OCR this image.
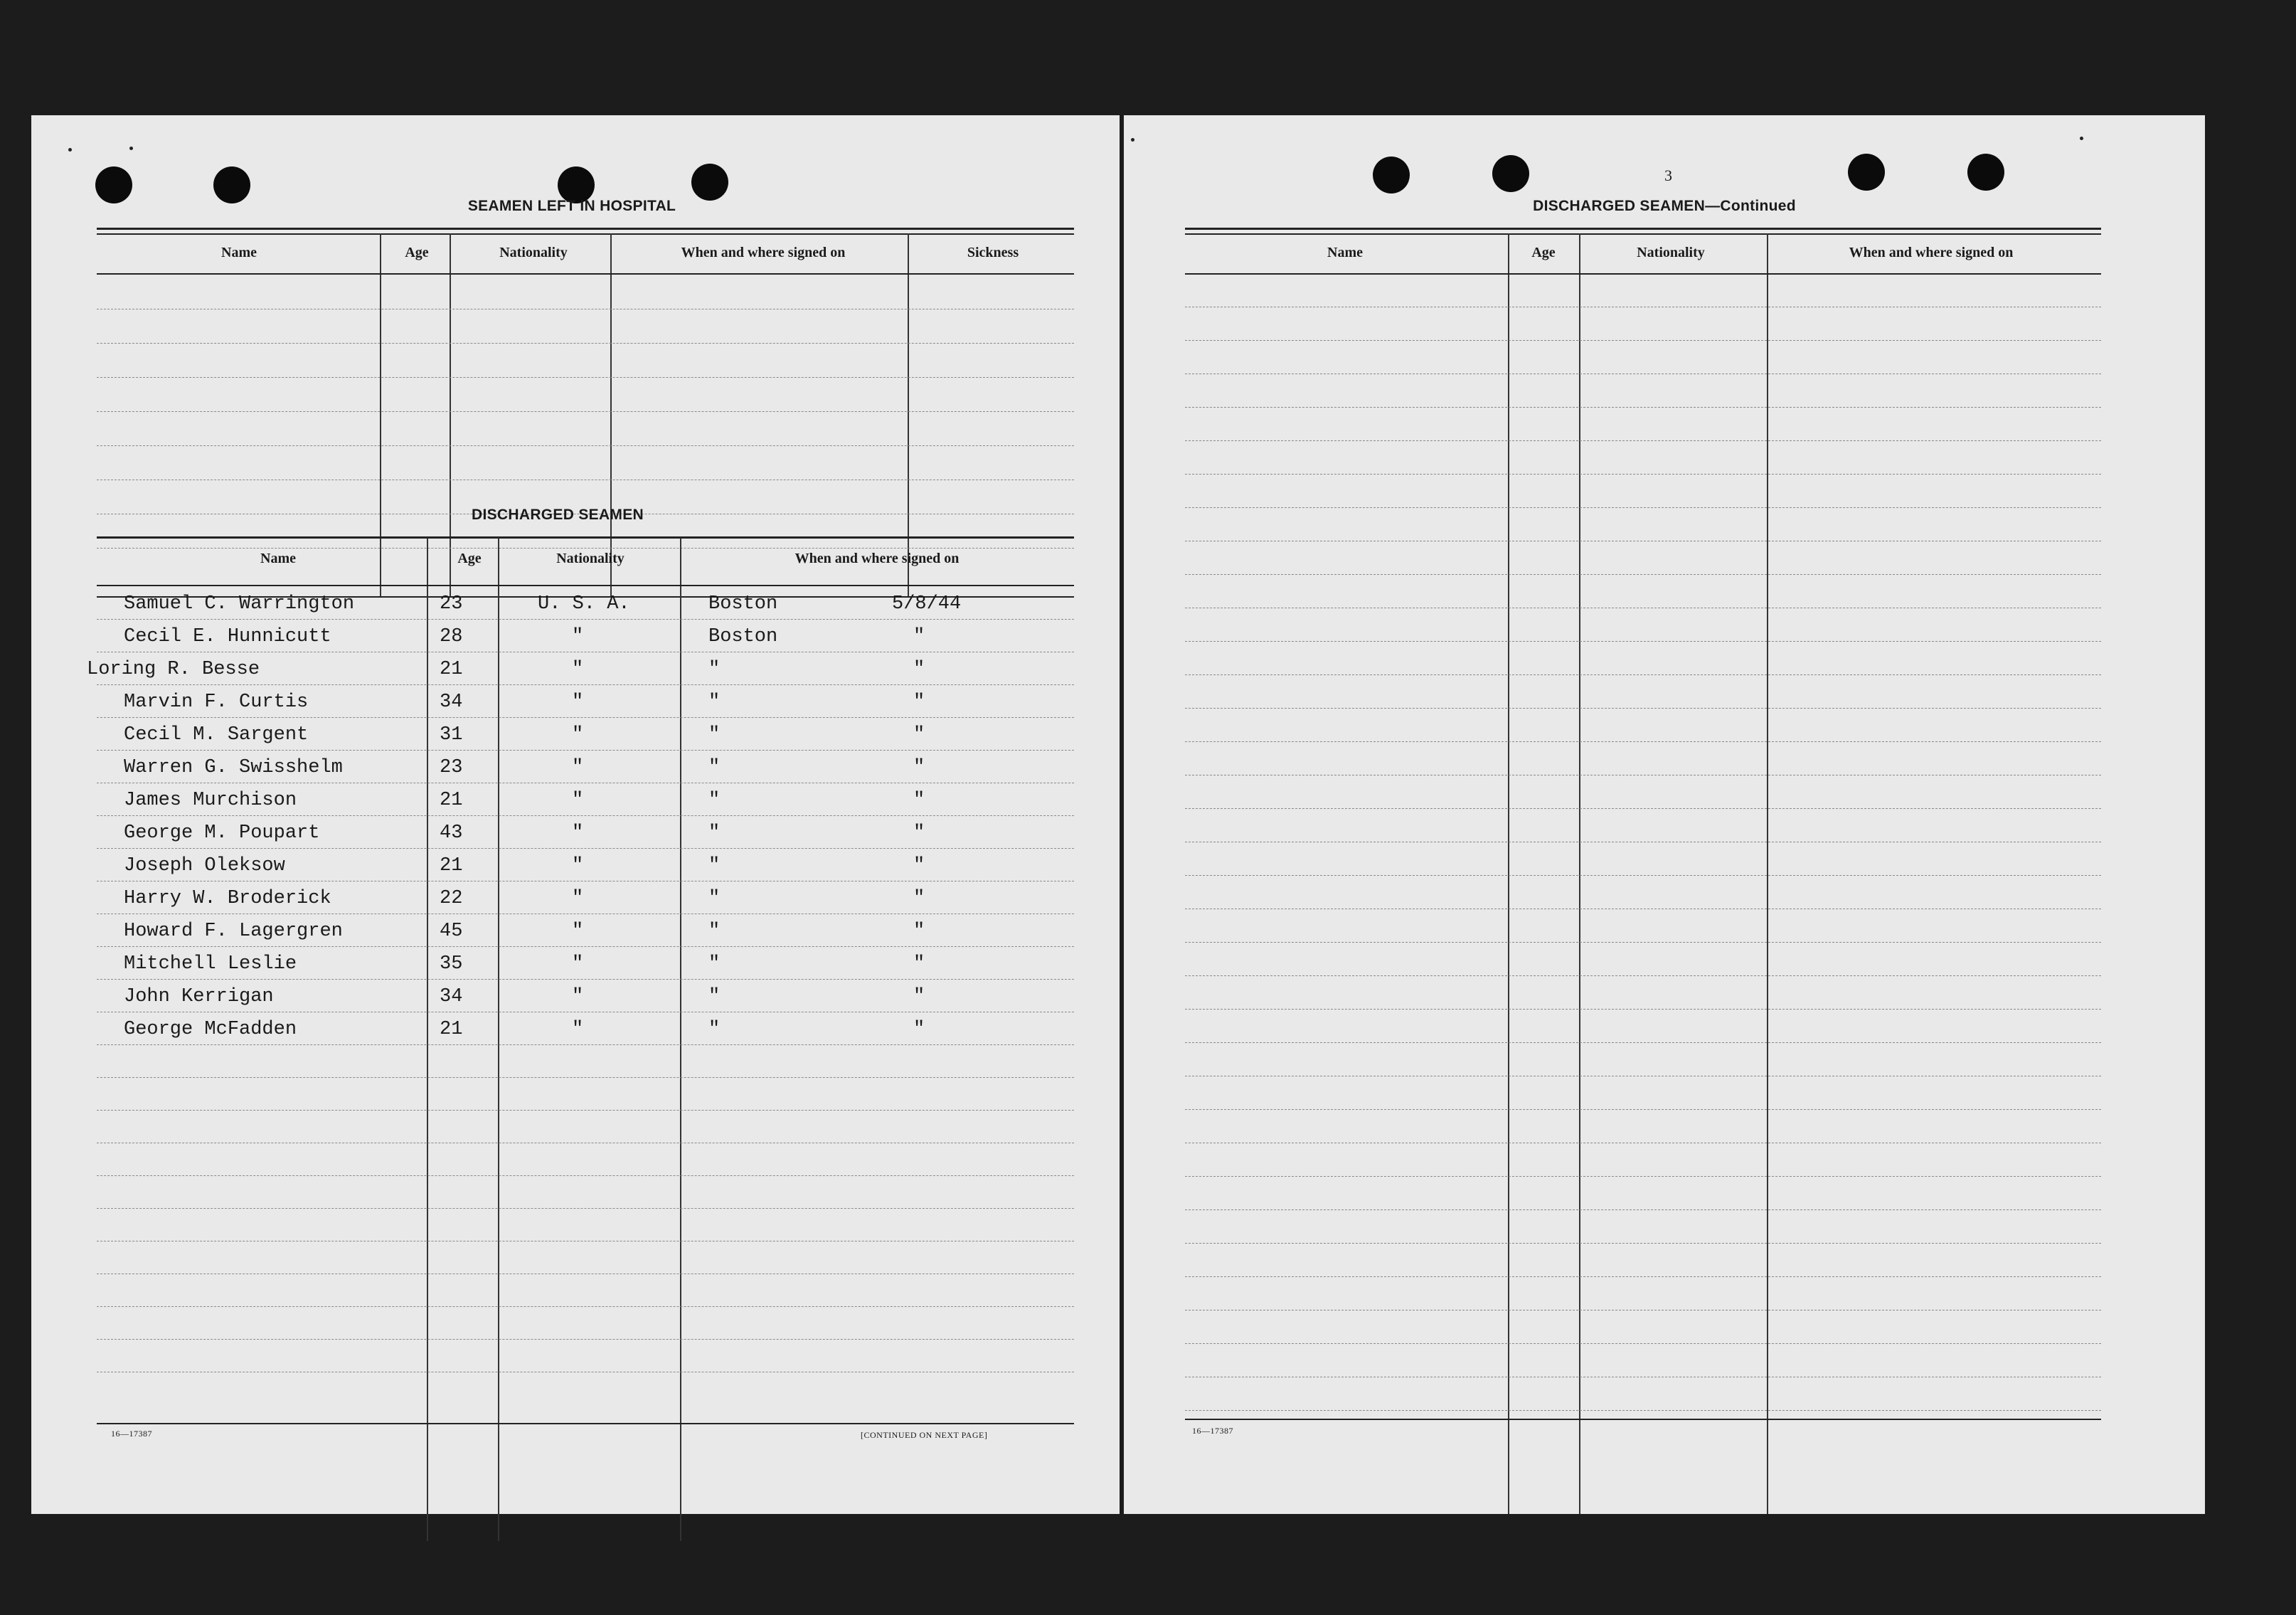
SEAMEN LEFT IN HOSPITAL
Name	Age	Nationality	When and where signed on	Sickness
DISCHARGED SEAMEN
Name	Age	Nationality	When and where signed on
16—17387	[CONTINUED ON NEXT PAGE]
Samuel C. Warrington	23	U. S. A.	Boston	5/8/44
Cecil E. Hunnicutt	28	"	Boston	"
Loring R. Besse	21	"	"	"
Marvin F. Curtis	34	"	"	"
Cecil M. Sargent	31	"	"	"
Warren G. Swisshelm	23	"	"	"
James Murchison	21	"	"	"
George M. Poupart	43	"	"	"
Joseph Oleksow	21	"	"	"
Harry W. Broderick	22	"	"	"
Howard F. Lagergren	45	"	"	"
Mitchell Leslie	35	"	"	"
John Kerrigan	34	"	"	"
George McFadden	21	"	"	"
3
DISCHARGED SEAMEN—Continued
Name	Age	Nationality	When and where signed on
16—17387
